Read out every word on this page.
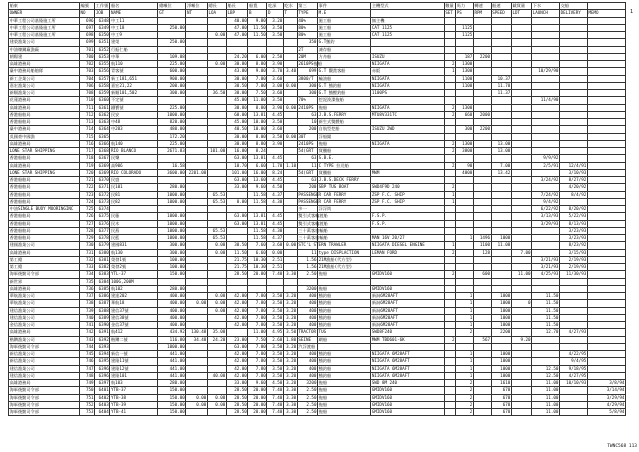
船東	編號	工作號	船名	總噸位	淨噸位	總長	船長	船寬	吃深	吃水	第三	事件	主機型式	數量	馬力	轉速	船速	載貨量	下水	交船	
OWNER	NO	JOB	NAME	GT	NT	LOA	LBP	B	D	T	TYPE	M.E		SET	PS	RPM	SPEED	LDT	LAUNCH	DELIVERY	MEMO
中華工程公司基隆施工所	696	6348	中工11				40.00	9.80	3.20		40%	施工船	無主機								
中華工程公司基隆施工所	697	6349	中工18	250.00			47.00	11.50	3.50		80%	施工船	CAT 1125		1125						
中華工程公司基隆施工所	698	6350	中工9			0.00	47.00	11.50	3.50		80%	施工船	CAT 1125		1125						
建榮漁業公司	699	6351	建榮	250.00							350	G.T鮪釣									
中油煉鋼廠漁廠	701	6352	行振仁船								2T	凍存船									
朝陽建	700	6353	中華	109.08			24.20	6.00	2.50		20M	方舟船	ISUZU		187	2200					
高雄港務局	702	6355	航110	225.00		0.00	30.80	8.80	3.90		2610PS拖船		NIIGATA	2	1300						
臺中港務局船舶隊	703	6356	青客號	600.00			43.00	9.00	3.70	3.40	699	G.T 觀賞客船	赤阪	1	1300				10/29/90		
新工企業公司	704	6357	新工181,651	900.00			30.00	7.00	3.60		3800/T	輸油船	NIIGATA		1100		10.37				
嘉宏漁業公司	706	6358	嘉宏21,22	200.00			30.50	7.00	3.00	0.00	300	G.T 鮪釣船	NIIGATA		1100		11.70				
新順漁業公司	708	6359	新順101,502	300.00		36.50	30.00	7.50	3.60		300	G.T 鮪鰹釣船	1100PS				11.37				
花蓮港務局	710	6360	不定號				45.00	11.00	3.50		70%	挖泥浚渫拖船							11/4/90		
高雄港務局	711	6361	鐵寶號	225.00			30.80	8.80	3.90	0.00	2410PS	拖船	NIIGATA	2	1300						
香港船舶局	712	6362	民安	1000.00			60.00	13.81	4.45		63	J.B.S.FERRY	MTU8V331TC	2	660	2000					
香港船舶局	713	6363	中48	820.00			45.00	10.00	3.50		10	新生式雙體船									
臺中港務局	714	6364	中203	480.00			40.50	10.00	3.60		200	自航型挖船	ISUZU 2WD		300	2200					
吳國豪中國漁	715	6365		172.20			30.00	8.00	3.50	0.00	30T	浮船錨									
高雄港務局	716	6366	航140	225.00			30.80	8.80	3.90		2410PS	拖船	NIIGATA	2	1300		13.00				
LONE STAR SHIPPING	717	6368	RIO BLANCO	2671.83		101.00	16.00	8.24			54(GRT	貨櫃船		2	3800		13.00				
香港船舶局	718	6367	民樂				63.00	13.81	4.45		63	S.B.E.							9/9/92		
高雄港務局	719	6369	高906	16.58			10.70	6.60	1.70	1.10	11	C TYPE 拉送船		2	90		7.00		2/5/91	12/4/91	
LONE STAR SHIPPING	720	6369	RIO COLORADO	3600.00	2201.00		101.00	16.00	8.24		54(GRT	貨櫃船	MWM		4000		13.42			3/10/93	
香港船舶局	721	6370	民盛				63.00	13.60	4.45		63	J.B.S.DECK FERRY							3/24/92	8/27/92	
香港船舶局	722	6371	民101	280.00			33.00	9.60	4.50		200	SBP TUG BOAT	SWD4F9D 240	2						4/20/92	
香港船舶局	723	6372	民81	1000.00		65.53		11.58	4.37		PASSENGER CAR FERRY		ZSP F.C. SHIP	1					7/24/92	8/4/92	
香港船舶局	724	6373	民82	1000.00		65.53	0.00	11.58	4.30		PASSENGER CAR FERRY		ZSP F.C. SHIP	1					9/4/92		
中油SINGLE BUOY MOORINGINC	725	6374									多一	浮浮筒							6/22/92	8/20/92	
香港船舶局	726	6375	民藤	1000.00			63.00	13.81	4.45		雙引式客輪渡船		F.S.P.						3/13/93	5/22/93	
香港船舶局	727	6376	民木	1000.00			63.00	13.81	4.45		雙引式客輪渡船		F.S.P.						3/29/93	8/13/93	
香港船舶局	728	6377	民燕	1000.00		65.53		11.58	4.30		三十萬客旅輸船									3/23/93	
香港船舶局	729	6378	民藍	1000.00		65.53		11.58	4.37		三十萬客旅輸船		MAN 16V 20/27		1	1496	1000			3/23/93	
建國漁業公司	730	6379	建國831	300.00		0.00	30.50	7.60	3.60	0.00	STC'L STERN TRAWLER		NIIGATA DIESEL ENGINE	1		1100	11.00			8/23/92	
高雄港務局	731	6380	航130	300.00		0.00	11.50	6.60	0.00		11	type DISPLACTION	LEMAN FORD	2		128		7.00		3/15/93	
第工總	732	6381	榮發1號	100.00			21.75	10.30	2.51		1.56	21M漁船(代方型)							3/21/93	2/19/93	
第工總	733	6382	榮發2號	100.00			21.75	10.30	2.51		1.56	21M漁船(代方型)							3/21/93	2/19/93	
海軍後勤司令部	734	6383	YTL-37	150.00			28.50	20.00	7.40	3.30	2.50	拖船	GMIDV160	2		600		11.00	4/25/93	11/30/93	
新世界	735	6384	100G,200M																		
高雄港務局	736	6385	航102	280.00							3200	拖船	GMIDV160								
華航漁業公司	737	6386	建達202	400.00		0.00	42.00	7.80	3.50	3.20	400	鮪釣船	新潟6M28AFT		1		1000		11.50		
華航漁業公司	738	6387	華航18	400.00	0.00	0.00	42.00	7.80	3.50	3.20	400	鮪釣船	新潟6M28AFT		1		1000	0	11.50		
建信漁業公司	739	6388	建信37號	400.00		0.00	42.00	7.80	3.50	3.20	400	鮪釣船	新潟6M28AFT		1		1000		11.50		
建信漁業公司	740	6389	建信38號	400.00			42.00	7.80	3.50	3.20	400	鮪釣船	新潟6M28AFT		1		1000		11.50		
金信漁業公司	741	6390	金信37號	400.00			42.00	7.80	3.50	3.20	400	鮪釣船	新潟6M28AFT		1		1000		11.50		
高雄港務局	742	6391	航412	434.92	130.48	35.00		11.00	4.95	3.50	TRACTOR TUG		SWD8F240		2		2200		12.70	4/27/93	
楷鑽漁業公司	743	6392	楷鑽二號	116.80	34.48	24.20	23.00	7.50	2.60	1.80	SEINE	網船	MWM TBD601-6K	2		567		9.20			
海軍後勤司令部	744	6393		1000.00			63.00	7.80	3.50	3.20	汽浮渡船										
新信漁業公司	745	6394	新信一號	441.00			42.00	7.80	3.50	3.20	400	鮪釣船	NIIGATA 6M28AFT		1		1000			4/22/95	
新信漁業公司	746	6395	建隆11號	441.00			42.00	7.80	3.50	3.20	400	鮪釣船	NIIGATA 6M28AFT		1		1000			9/4/95	
建信漁業公司	747	6396	建隆12號	441.00			42.00	7.80	3.50	3.20	400	鮪釣船	NIIGATA 6M28AFT		1		1000		12.50	9/18/95	
建信漁業公司	748	6396	建隆101	441.00		40.00	42.00	7.80	3.50	3.20	400	鮪釣船	NIIGATA 6M28AFT		1		1000		12.50	4/27/95	
高雄港務局	749	6397	航103	280.00			33.00	9.60	4.50	3.20	3200	拖船	SWD 8M 240		2		1610		11.00	10/10/93	3/8/94
海軍後勤司令部	750	6401	YTB-37	150.00			28.50	20.00	7.40	3.30	2.50	拖船	GMIDV160		2		670		11.00		3/14/94
海軍後勤司令部	751	6402	YTB-38	150.00	0.00	0.00	28.50	20.00	7.40	3.30	2.50	拖船	GMIDV160		2		670		11.00		3/29/94
海軍後勤司令部	752	6403	YTB-39	150.00	0.00	0.00	28.50	20.00	7.40	3.30	2.50	拖船	GMIDV160		2		670		11.00		4/29/94
海軍後勤司令部	753	6404	YTB-41	150.00			28.50	20.00	7.40	3.30	2.50	拖船	GMIDV160		2		670		11.00		5/8/94
1
TWNC568 113
